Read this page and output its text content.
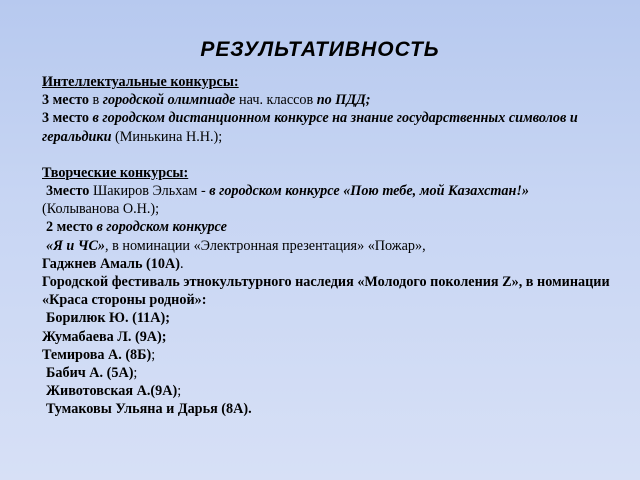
РЕЗУЛЬТАТИВНОСТЬ
Интеллектуальные конкурсы:
3 место в городской олимпиаде нач. классов по ПДД;
3 место в городском дистанционном конкурсе на знание государственных символов и геральдики (Минькина Н.Н.);
Творческие конкурсы:
3место Шакиров Эльхам - в городском конкурсе «Пою тебе, мой Казахстан!»
(Колыванова О.Н.);
2 место в городском конкурсе
«Я и ЧС», в номинации «Электронная презентация» «Пожар»,
Гаджнев Амаль (10А).
Городской фестиваль этнокультурного наследия «Молодого поколения Z», в номинации «Краса стороны родной»:
Борилюк Ю. (11А);
Жумабаева Л. (9А);
Темирова А. (8Б);
Бабич А. (5А);
Животовская А.(9А);
Тумаковы Ульяна и Дарья (8А).
